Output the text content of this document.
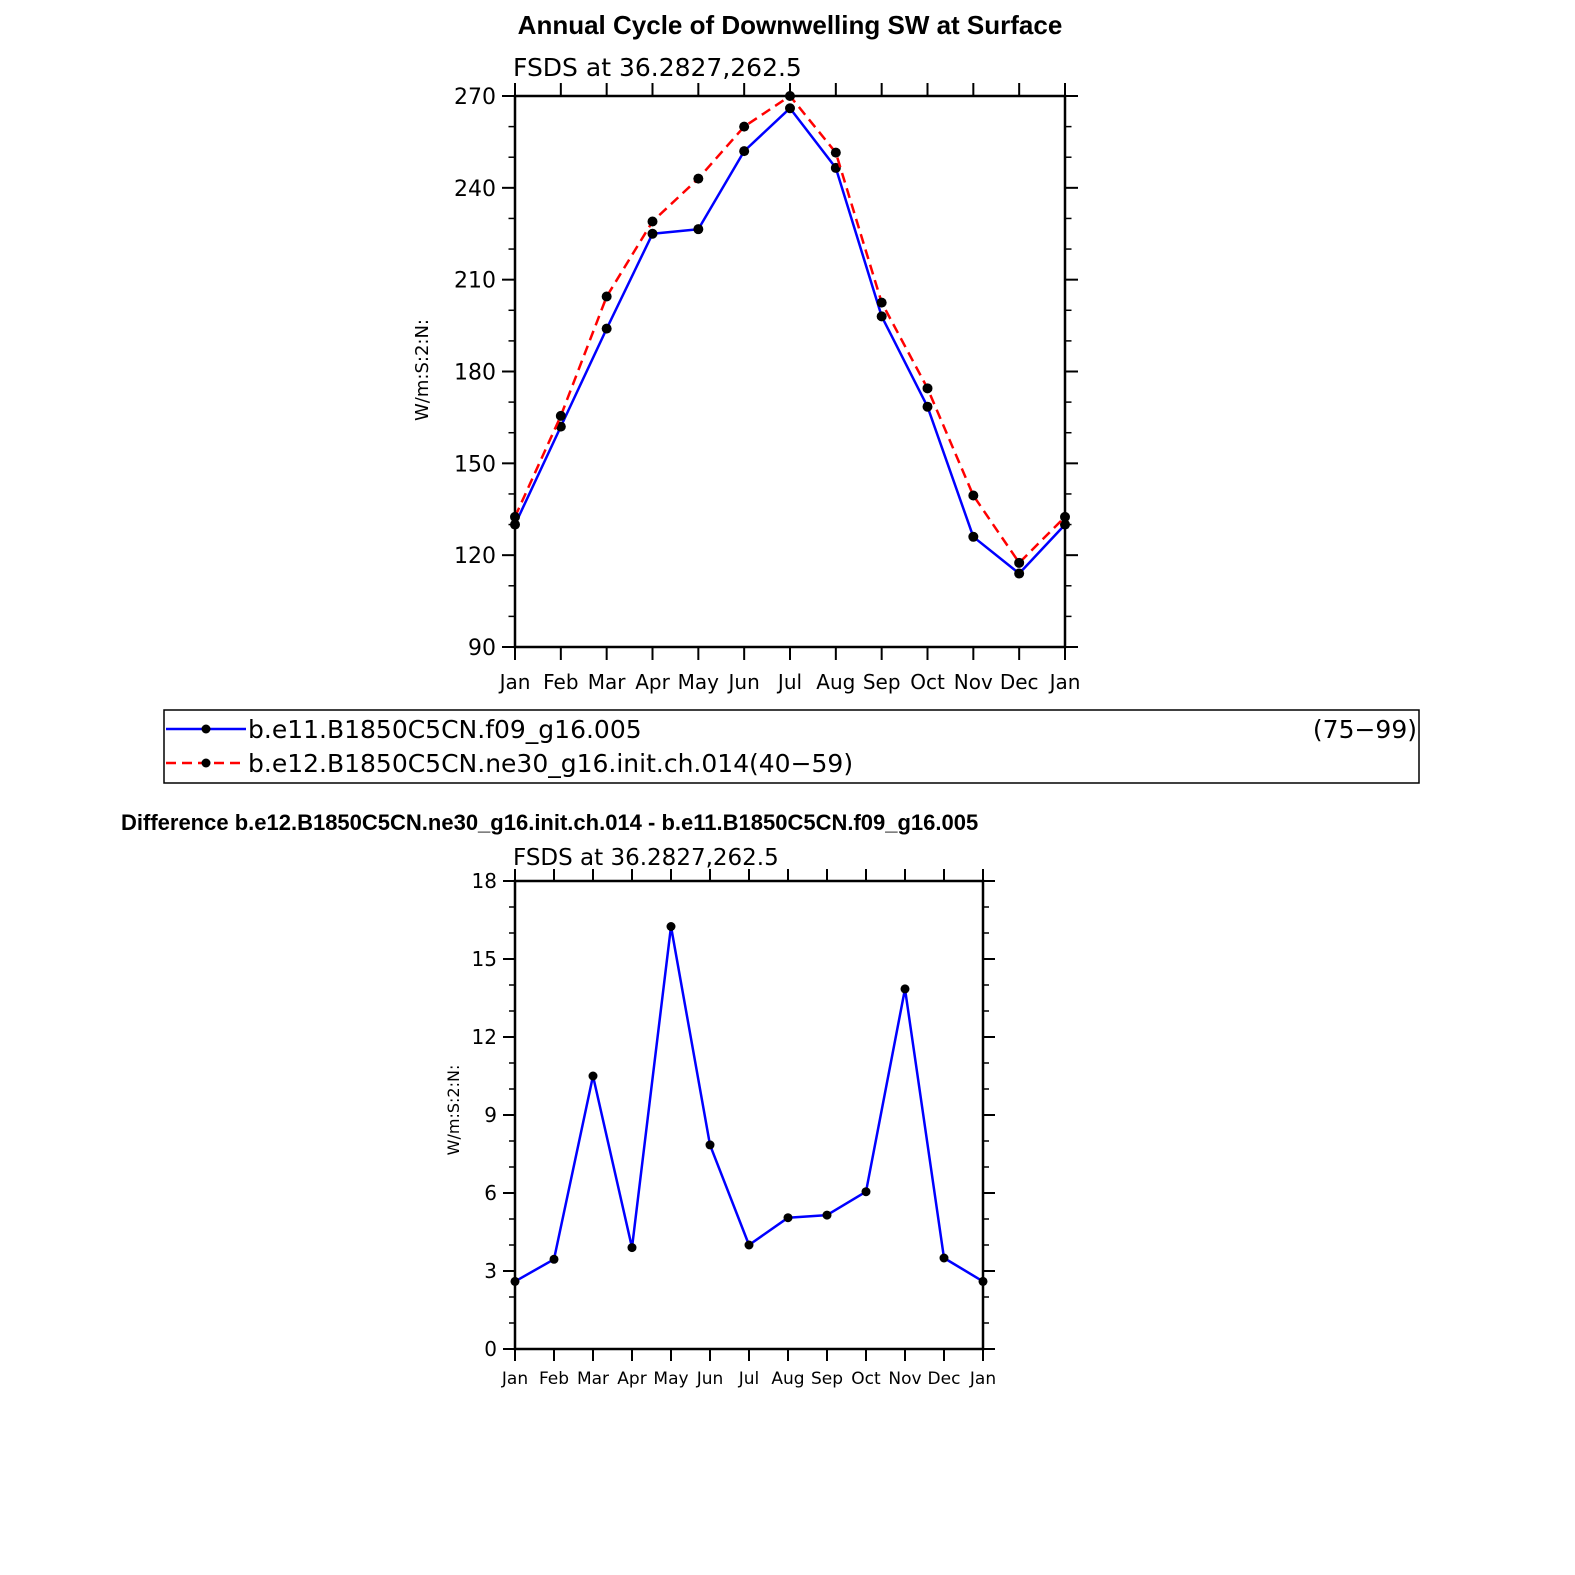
Annual Cycle of Downwelling SW at Surface
FSDS at 36.2827,262.5
W/m:S:2:N:
Jan Feb Mar Apr May Jun Jul Aug Sep Oct Nov Dec Jan
90
120
150
180
210
240
270
b.e11.B1850C5CN.f09_g16.005	(75−99)
b.e12.B1850C5CN.ne30_g16.init.ch.014 (40−59)
Difference b.e12.B1850C5CN.ne30_g16.init.ch.014 - b.e11.B1850C5CN.f09_g16.005
FSDS at 36.2827,262.5
W/m:S:2:N:
Jan Feb Mar Apr May Jun Jul Aug Sep Oct Nov Dec Jan
0
3
6
9
12
15
18
